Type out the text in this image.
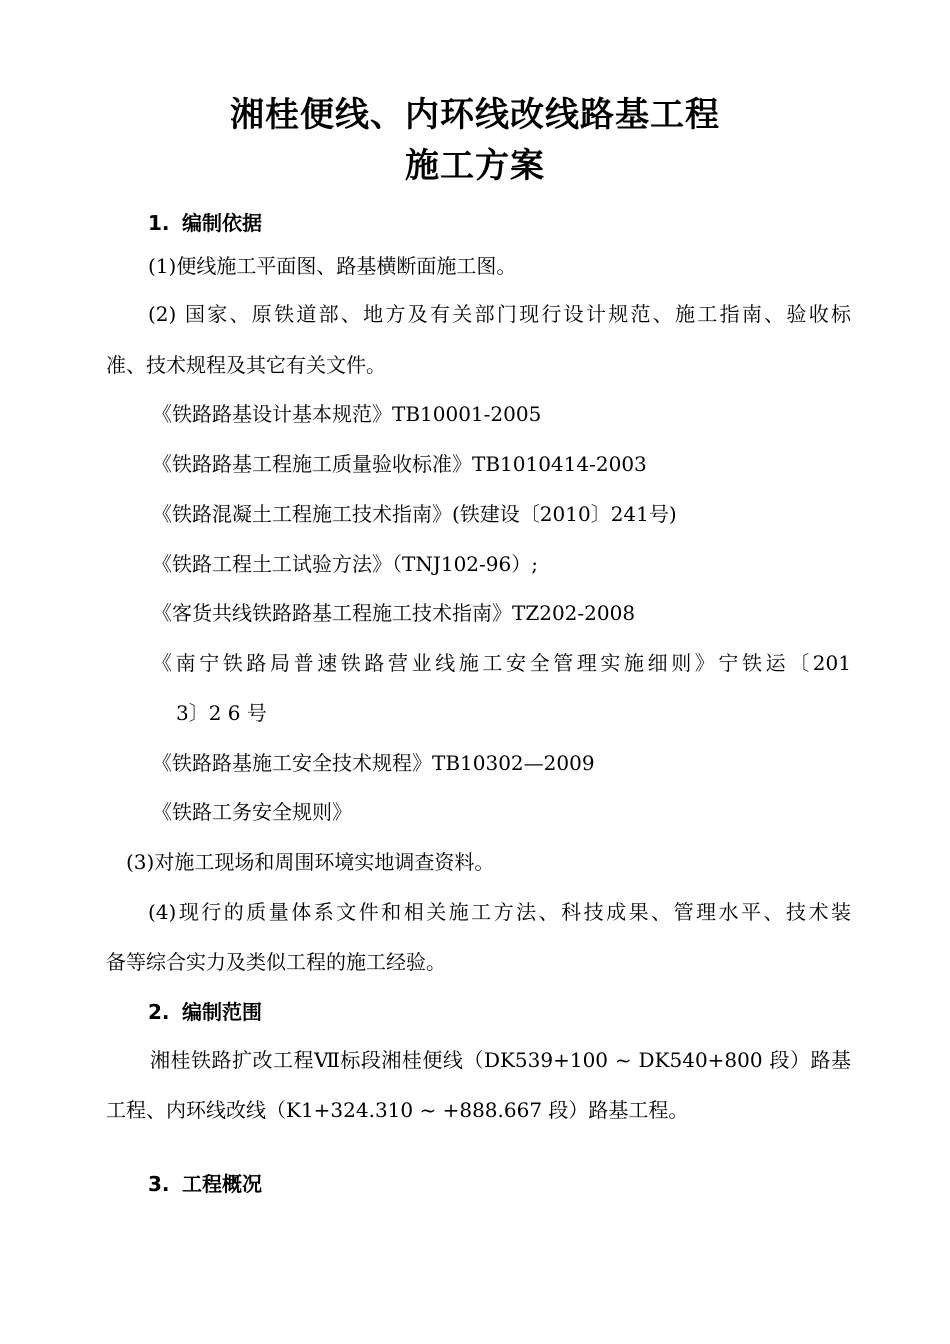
湘桂便线、内环线改线路基工程
施工方案
1. 编制依据
(1)便线施工平面图、路基横断面施工图。
(2) 国家、原铁道部、地方及有关部门现行设计规范、施工指南、验收标
准、技术规程及其它有关文件。
《铁路路基设计基本规范》TB10001-2005
《铁路路基工程施工质量验收标准》TB1010414-2003
《铁路混凝土工程施工技术指南》(铁建设〔2010〕241号)
《铁路工程土工试验方法》（TNJ102-96）;
《客货共线铁路路基工程施工技术指南》TZ202-2008
《南宁铁路局普速铁路营业线施工安全管理实施细则》宁铁运〔201
3〕2 6 号
《铁路路基施工安全技术规程》TB10302—2009
《铁路工务安全规则》
(3)对施工现场和周围环境实地调查资料。
(4)现行的质量体系文件和相关施工方法、科技成果、管理水平、技术装
备等综合实力及类似工程的施工经验。
2. 编制范围
湘桂铁路扩改工程Ⅶ标段湘桂便线（DK539+100 ~ DK540+800 段）路基
工程、内环线改线（K1+324.310 ~ +888.667 段）路基工程。
3. 工程概况
